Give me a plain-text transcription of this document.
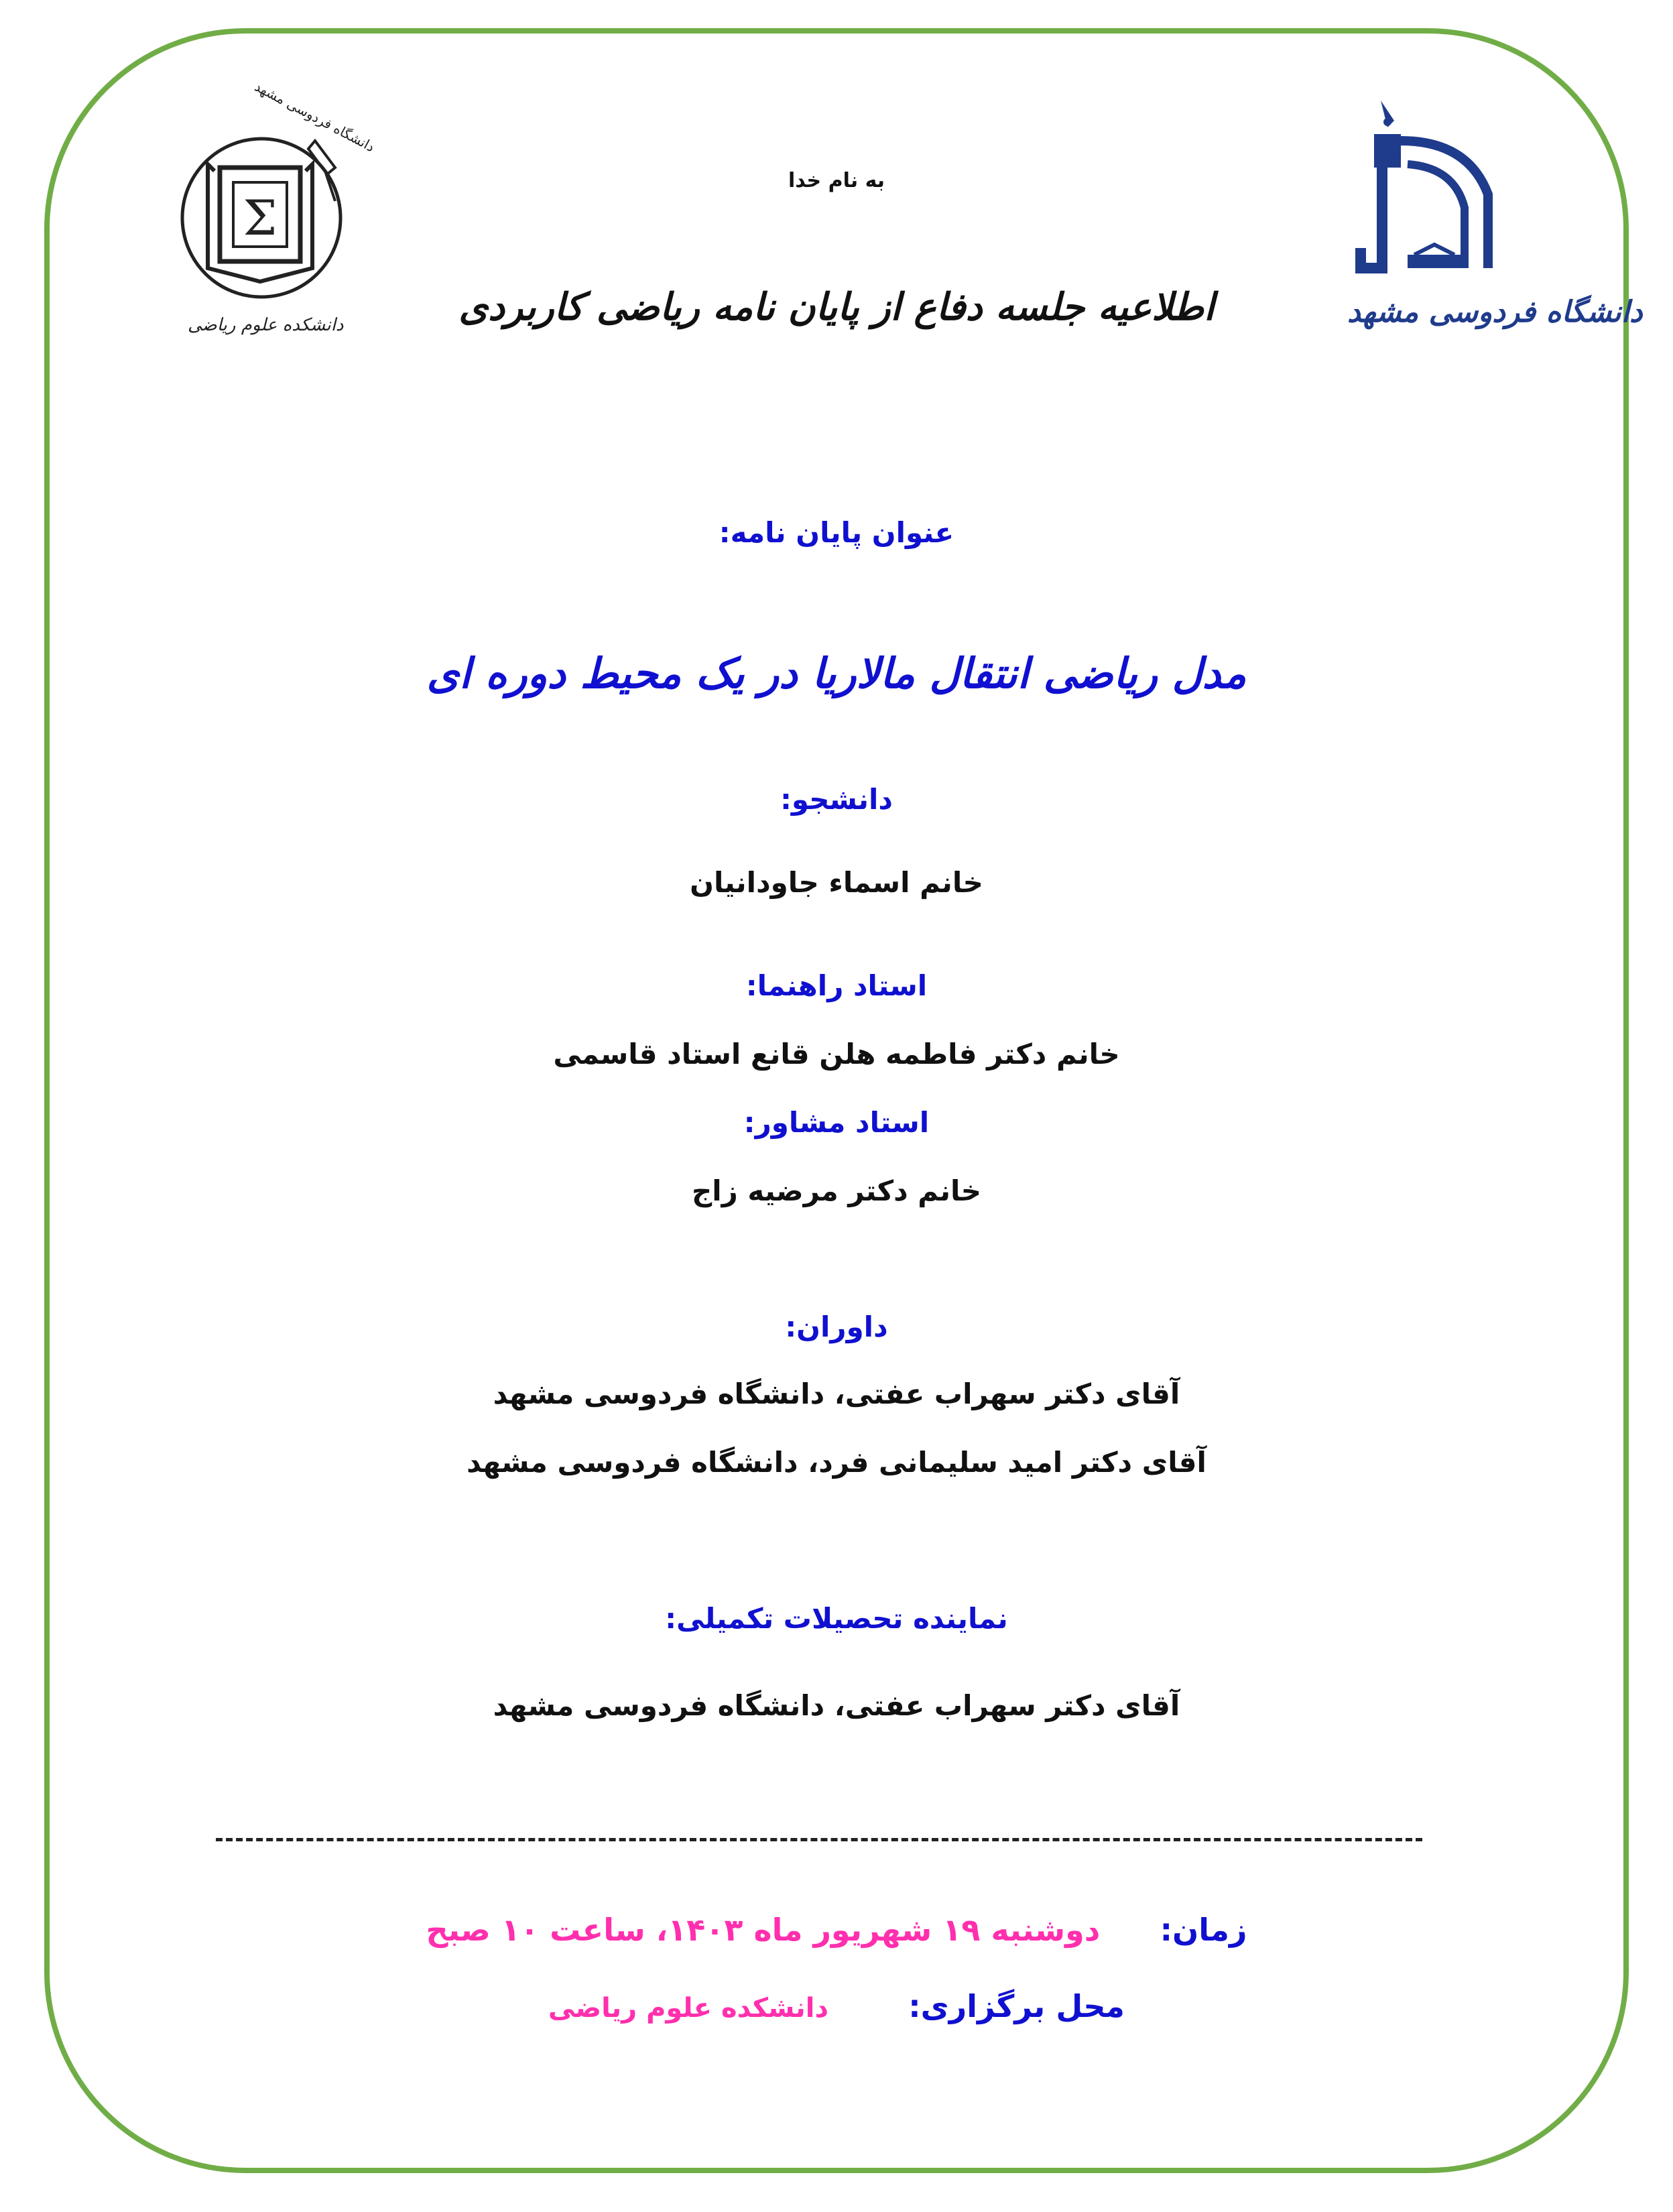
Σ
دانشگاه فردوسی مشهد
دانشکده علوم ریاضی	دانشگاه فردوسی مشهد
به نام خدا
اطلاعیه جلسه دفاع از پایان نامه ریاضی کاربردی
عنوان پایان نامه:
مدل ریاضی انتقال مالاریا در یک محیط دوره ای
دانشجو:
خانم اسماء جاودانیان
استاد راهنما:
خانم دکتر فاطمه هلن قانع استاد قاسمی
استاد مشاور:
خانم دکتر مرضیه زاج
داوران:
آقای دکتر سهراب عفتی، دانشگاه فردوسی مشهد
آقای دکتر امید سلیمانی فرد، دانشگاه فردوسی مشهد
نماینده تحصیلات تکمیلی:
آقای دکتر سهراب عفتی، دانشگاه فردوسی مشهد
زمان:  دوشنبه ۱۹ شهریور ماه ۱۴۰۳، ساعت ۱۰ صبح
محل برگزاری:  دانشکده علوم ریاضی
